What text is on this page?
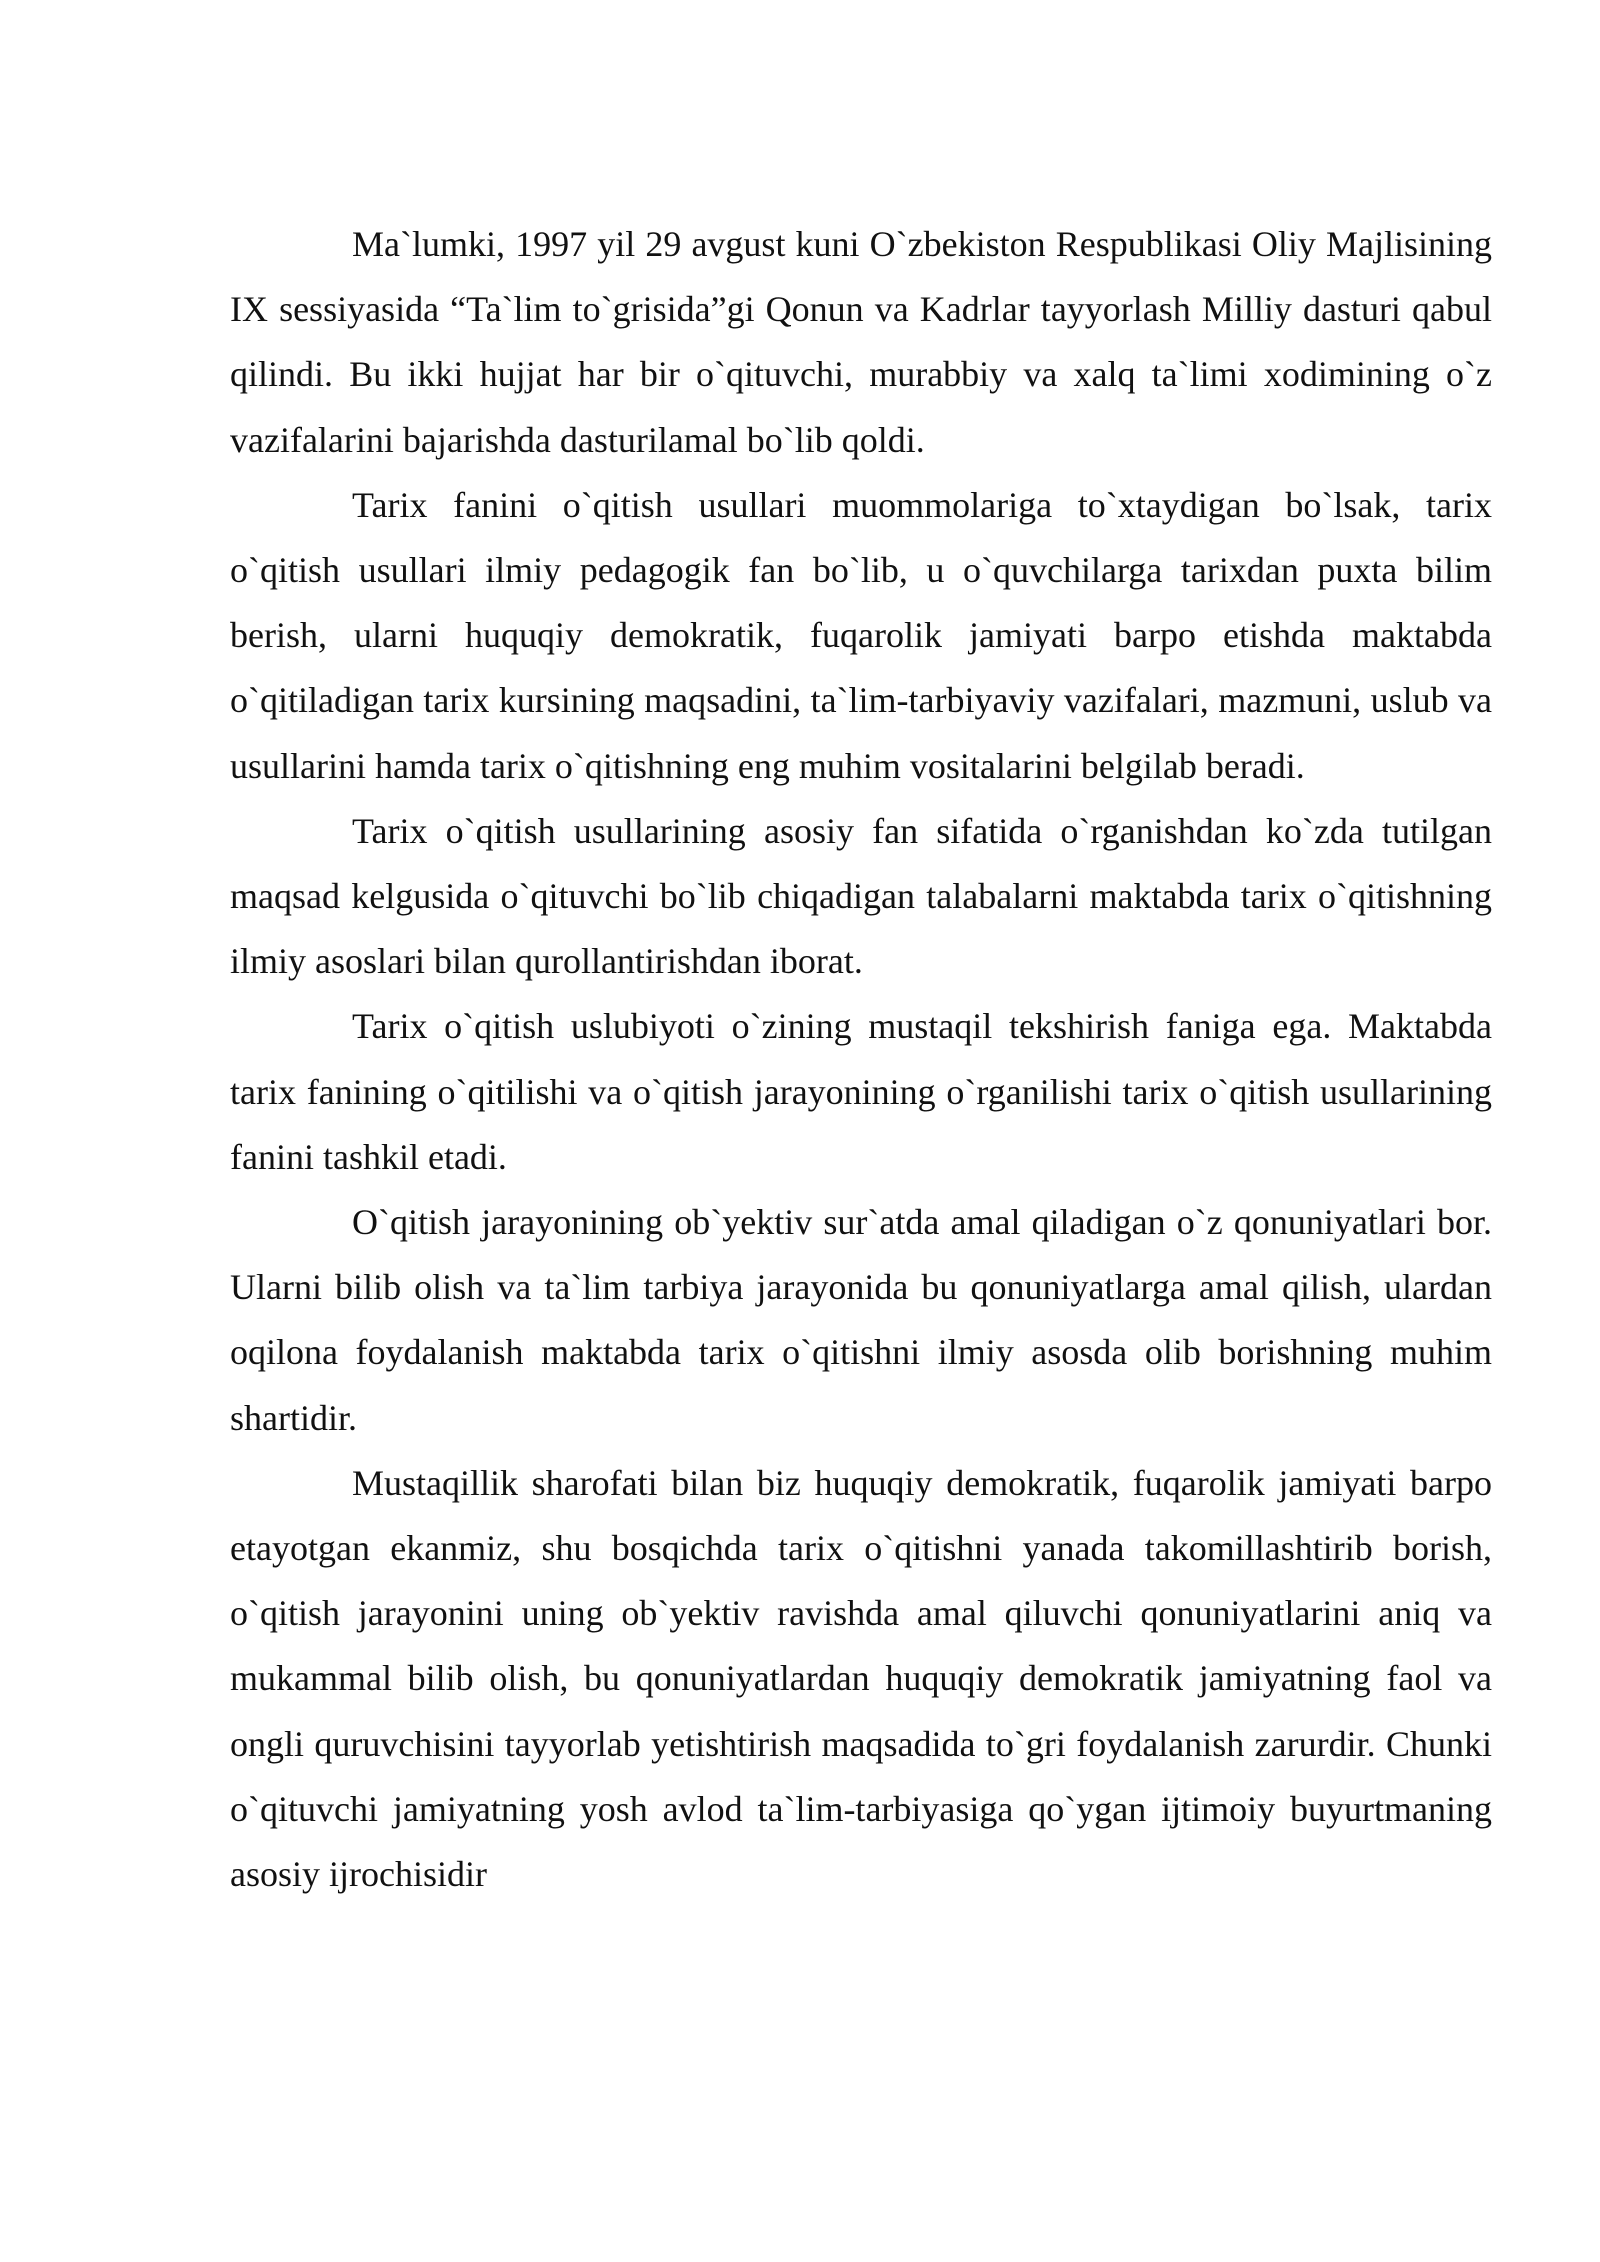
Ma`lumki, 1997 yil 29 avgust kuni O`zbekiston Respublikasi Oliy Majlisining IX sessiyasida “Ta`lim to`grisida”gi Qonun va Kadrlar tayyorlash Milliy dasturi qabul qilindi. Bu ikki hujjat har bir o`qituvchi, murabbiy va xalq ta`limi xodimining o`z vazifalarini bajarishda dasturilamal bo`lib qoldi.

Tarix fanini o`qitish usullari muommolariga to`xtaydigan bo`lsak, tarix o`qitish usullari ilmiy pedagogik fan bo`lib, u o`quvchilarga tarixdan puxta bilim berish, ularni huquqiy demokratik, fuqarolik jamiyati barpo etishda maktabda o`qitiladigan tarix kursining maqsadini, ta`lim-tarbiyaviy vazifalari, mazmuni, uslub va usullarini hamda tarix o`qitishning eng muhim vositalarini belgilab beradi.

Tarix o`qitish usullarining asosiy fan sifatida o`rganishdan ko`zda tutilgan maqsad kelgusida o`qituvchi bo`lib chiqadigan talabalarni maktabda tarix o`qitishning ilmiy asoslari bilan qurollantirishdan iborat.

Tarix o`qitish uslubiyoti o`zining mustaqil tekshirish faniga ega. Maktabda tarix fanining o`qitilishi va o`qitish jarayonining o`rganilishi tarix o`qitish usullarining fanini tashkil etadi.

O`qitish jarayonining ob`yektiv sur`atda amal qiladigan o`z qonuniyatlari bor. Ularni bilib olish va ta`lim tarbiya jarayonida bu qonuniyatlarga amal qilish, ulardan oqilona foydalanish maktabda tarix o`qitishni ilmiy asosda olib borishning muhim shartidir.

Mustaqillik sharofati bilan biz huquqiy demokratik, fuqarolik jamiyati barpo etayotgan ekanmiz, shu bosqichda tarix o`qitishni yanada takomillashtirib borish, o`qitish jarayonini uning ob`yektiv ravishda amal qiluvchi qonuniyatlarini aniq va mukammal bilib olish, bu qonuniyatlardan huquqiy demokratik jamiyatning faol va ongli quruvchisini tayyorlab yetishtirish maqsadida to`gri foydalanish zarurdir. Chunki o`qituvchi jamiyatning yosh avlod ta`lim-tarbiyasiga qo`ygan ijtimoiy buyurtmaning asosiy ijrochisidir
